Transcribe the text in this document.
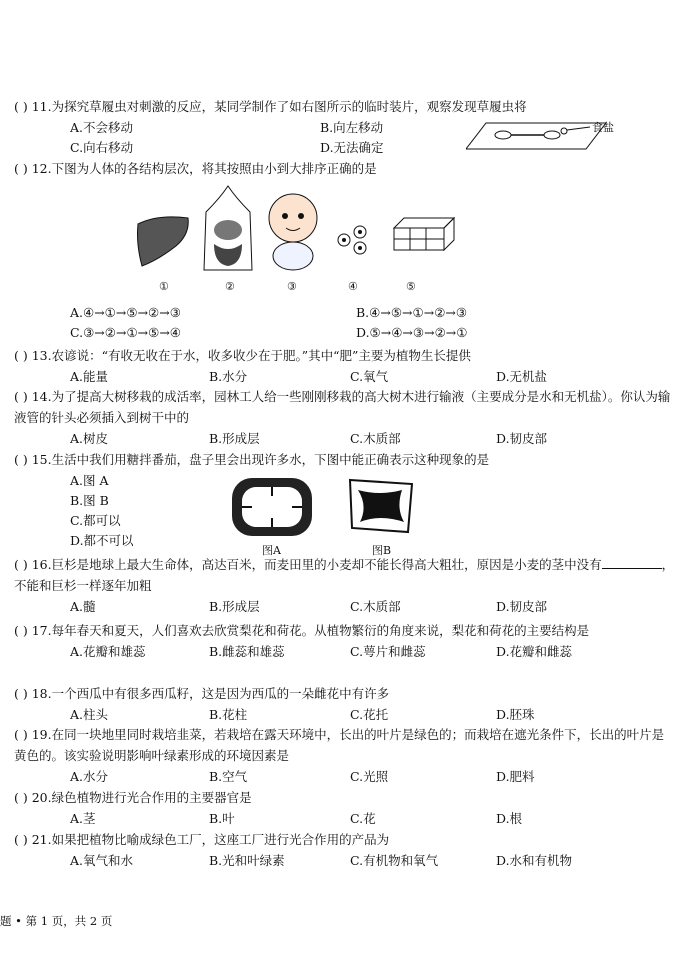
( ) 11.为探究草履虫对刺激的反应，某同学制作了如右图所示的临时装片，观察发现草履虫将
A.不会移动	B.向左移动
C.向右移动	D.无法确定
食盐
( ) 12.下图为人体的各结构层次，将其按照由小到大排序正确的是
①	②	③	④	⑤
A.④→①→⑤→②→③	B.④→⑤→①→②→③
C.③→②→①→⑤→④	D.⑤→④→③→②→①
( ) 13.农谚说：“有收无收在于水，收多收少在于肥。”其中“肥”主要为植物生长提供
A.能量	B.水分	C.氧气	D.无机盐
( ) 14.为了提高大树移栽的成活率，园林工人给一些刚刚移栽的高大树木进行输液（主要成分是水和无机盐）。你认为输液管的针头必须插入到树干中的
A.树皮	B.形成层	C.木质部	D.韧皮部
( ) 15.生活中我们用糖拌番茄，盘子里会出现许多水，下图中能正确表示这种现象的是
A.图 A
B.图 B
C.都可以
D.都不可以
图A	图B
( ) 16.巨杉是地球上最大生命体，高达百米，而麦田里的小麦却不能长得高大粗壮，原因是小麦的茎中没有	，不能和巨杉一样逐年加粗
A.髓	B.形成层	C.木质部	D.韧皮部
( ) 17.每年春天和夏天，人们喜欢去欣赏梨花和荷花。从植物繁衍的角度来说，梨花和荷花的主要结构是
A.花瓣和雄蕊	B.雌蕊和雄蕊	C.萼片和雌蕊	D.花瓣和雌蕊
( ) 18.一个西瓜中有很多西瓜籽，这是因为西瓜的一朵雌花中有许多
A.柱头	B.花柱	C.花托	D.胚珠
( ) 19.在同一块地里同时栽培韭菜，若栽培在露天环境中，长出的叶片是绿色的；而栽培在遮光条件下，长出的叶片是黄色的。该实验说明影响叶绿素形成的环境因素是
A.水分	B.空气	C.光照	D.肥料
( ) 20.绿色植物进行光合作用的主要器官是
A.茎	B.叶	C.花	D.根
( ) 21.如果把植物比喻成绿色工厂，这座工厂进行光合作用的产品为
A.氧气和水	B.光和叶绿素	C.有机物和氧气	D.水和有机物
题 • 第 1 页，共 2 页
